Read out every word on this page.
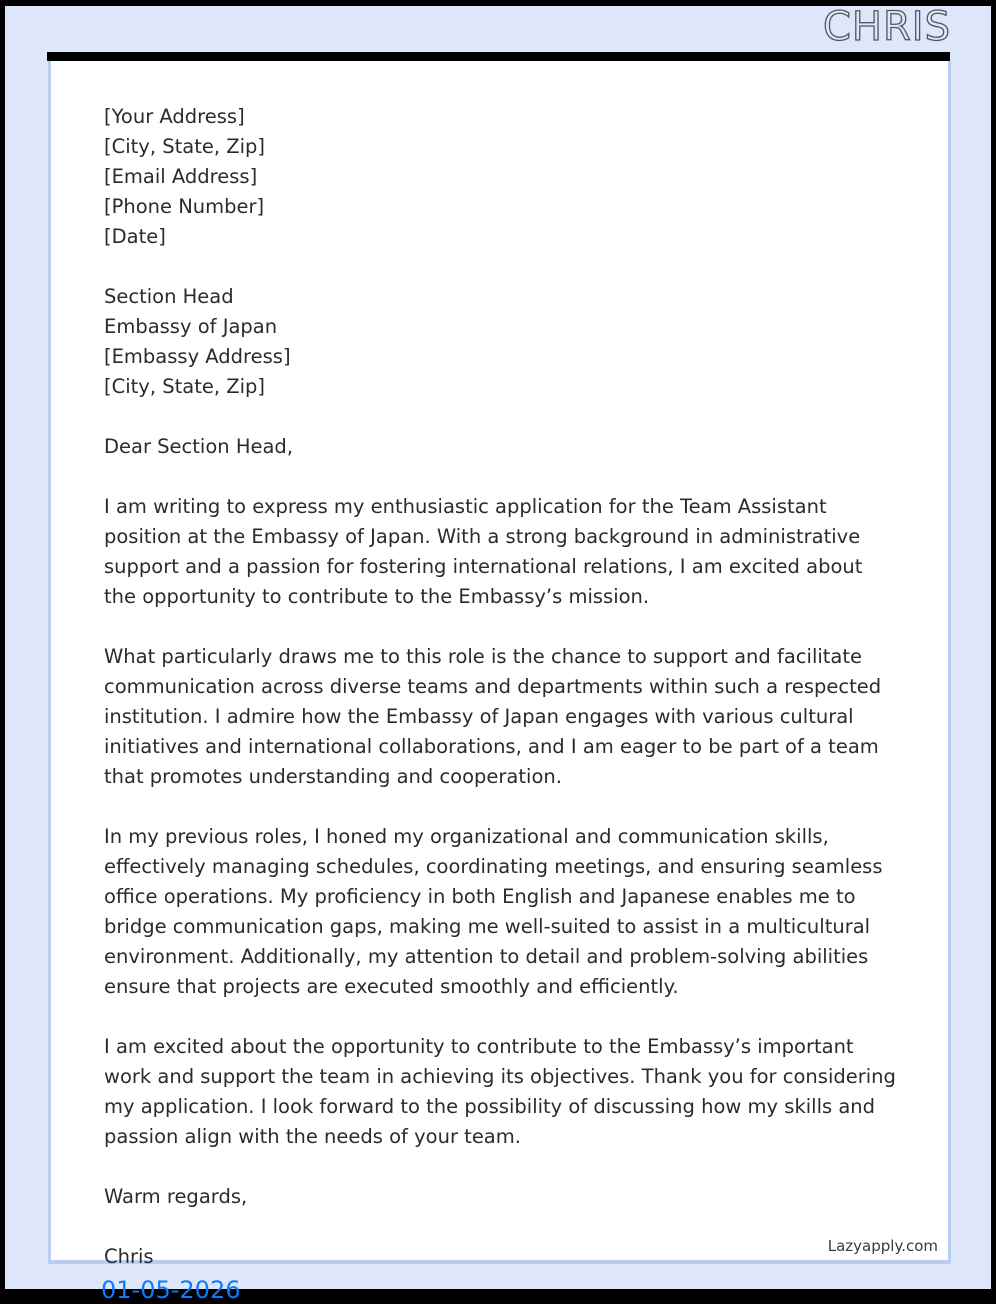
CHRIS
[Your Address]
[City, State, Zip]
[Email Address]
[Phone Number]
[Date]
Section Head
Embassy of Japan
[Embassy Address]
[City, State, Zip]
Dear Section Head,
I am writing to express my enthusiastic application for the Team Assistant position at the Embassy of Japan. With a strong background in administrative support and a passion for fostering international relations, I am excited about the opportunity to contribute to the Embassy’s mission.
What particularly draws me to this role is the chance to support and facilitate communication across diverse teams and departments within such a respected institution. I admire how the Embassy of Japan engages with various cultural initiatives and international collaborations, and I am eager to be part of a team that promotes understanding and cooperation.
In my previous roles, I honed my organizational and communication skills, effectively managing schedules, coordinating meetings, and ensuring seamless office operations. My proficiency in both English and Japanese enables me to bridge communication gaps, making me well-suited to assist in a multicultural environment. Additionally, my attention to detail and problem-solving abilities ensure that projects are executed smoothly and efficiently.
I am excited about the opportunity to contribute to the Embassy’s important work and support the team in achieving its objectives. Thank you for considering my application. I look forward to the possibility of discussing how my skills and passion align with the needs of your team.
Warm regards,
Chris	Lazyapply.com
01-05-2026
